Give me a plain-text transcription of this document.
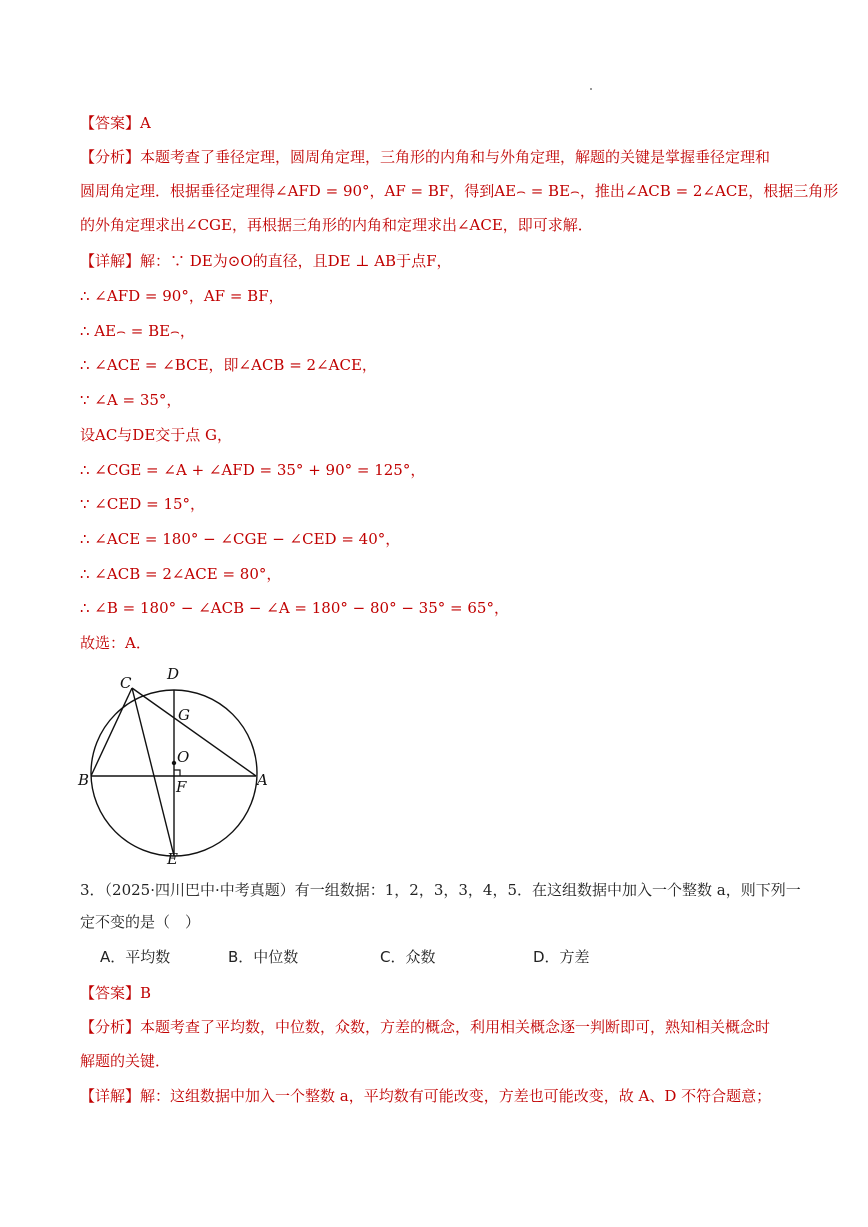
【答案】A
【分析】本题考查了垂径定理，圆周角定理，三角形的内角和与外角定理，解题的关键是掌握垂径定理和
圆周角定理．根据垂径定理得∠AFD = 90°，AF = BF，得到AE⌢ = BE⌢，推出∠ACB = 2∠ACE，根据三角形
的外角定理求出∠CGE，再根据三角形的内角和定理求出∠ACE，即可求解．
【详解】解：∵ DE为⊙O的直径，且DE ⊥ AB于点F，
∴ ∠AFD = 90°，AF = BF，
∴ AE⌢ = BE⌢，
∴ ∠ACE = ∠BCE，即∠ACB = 2∠ACE，
∵ ∠A = 35°，
设AC与DE交于点 G，
∴ ∠CGE = ∠A + ∠AFD = 35° + 90° = 125°，
∵ ∠CED = 15°，
∴ ∠ACE = 180° − ∠CGE − ∠CED = 40°，
∴ ∠ACB = 2∠ACE = 80°，
∴ ∠B = 180° − ∠ACB − ∠A = 180° − 80° − 35° = 65°，
故选：A．
C D
G
O
B	A
F
E
3．（2025·四川巴中·中考真题）有一组数据：1，2，3，3，4，5．在这组数据中加入一个整数 a，则下列一
定不变的是（　）
A．平均数	B．中位数	C．众数	D．方差
【答案】B
【分析】本题考查了平均数，中位数，众数，方差的概念，利用相关概念逐一判断即可，熟知相关概念时
解题的关键．
【详解】解：这组数据中加入一个整数 a，平均数有可能改变，方差也可能改变，故 A、D 不符合题意；
